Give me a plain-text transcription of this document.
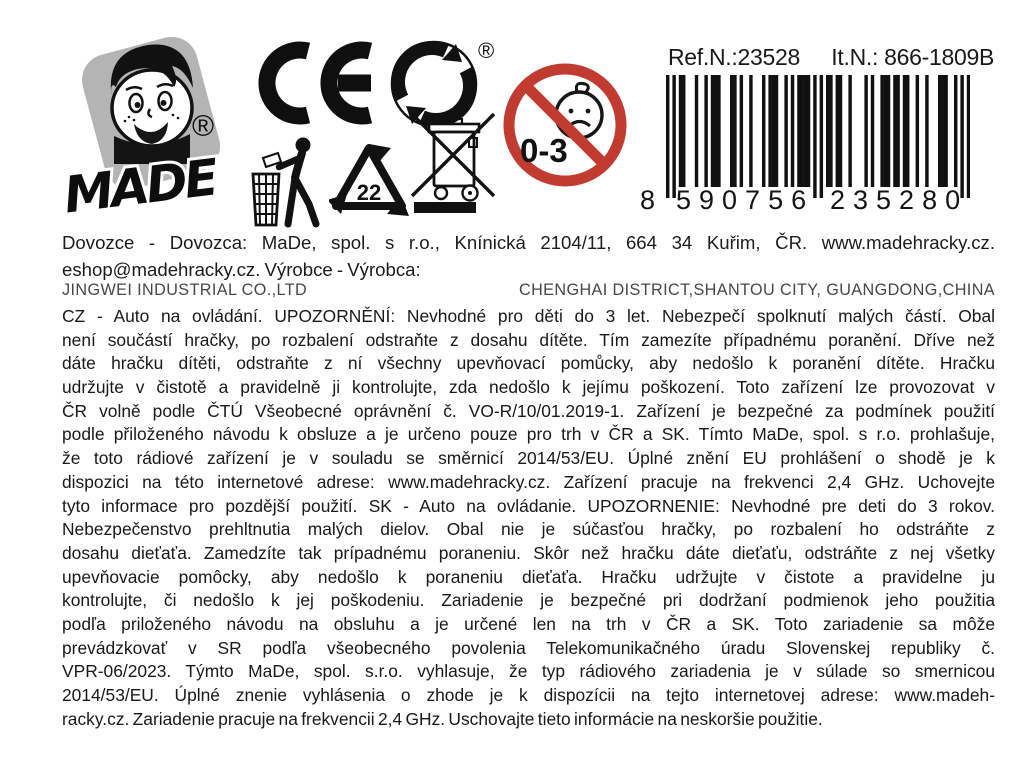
MADE
®
®
22
0-3
Ref.N.:23528 It.N.: 866-1809B
8 590756 235280
Dovozce - Dovozca: MaDe, spol. s r.o., Knínická 2104/11, 664 34 Kuřim, ČR. www.madehracky.cz.
eshop@madehracky.cz. Výrobce - Výrobca:
JINGWEI INDUSTRIAL CO.,LTD	CHENGHAI DISTRICT,SHANTOU CITY, GUANGDONG,CHINA
CZ - Auto na ovládání. UPOZORNĚNÍ: Nevhodné pro děti do 3 let. Nebezpečí spolknutí malých částí. Obal
není součástí hračky, po rozbalení odstraňte z dosahu dítěte. Tím zamezíte případnému poranění. Dříve než
dáte hračku dítěti, odstraňte z ní všechny upevňovací pomůcky, aby nedošlo k poranění dítěte. Hračku
udržujte v čistotě a pravidelně ji kontrolujte, zda nedošlo k jejímu poškození. Toto zařízení lze provozovat v
ČR volně podle ČTÚ Všeobecné oprávnění č. VO-R/10/01.2019-1. Zařízení je bezpečné za podmínek použití
podle přiloženého návodu k obsluze a je určeno pouze pro trh v ČR a SK. Tímto MaDe, spol. s r.o. prohlašuje,
že toto rádiové zařízení je v souladu se směrnicí 2014/53/EU. Úplné znění EU prohlášení o shodě je k
dispozici na této internetové adrese: www.madehracky.cz. Zařízení pracuje na frekvenci 2,4 GHz. Uchovejte
tyto informace pro pozdější použití. SK - Auto na ovládanie. UPOZORNENIE: Nevhodné pre deti do 3 rokov.
Nebezpečenstvo prehltnutia malých dielov. Obal nie je súčasťou hračky, po rozbalení ho odstráňte z
dosahu dieťaťa. Zamedzíte tak prípadnému poraneniu. Skôr než hračku dáte dieťaťu, odstráňte z nej všetky
upevňovacie pomôcky, aby nedošlo k poraneniu dieťaťa. Hračku udržujte v čistote a pravidelne ju
kontrolujte, či nedošlo k jej poškodeniu. Zariadenie je bezpečné pri dodržaní podmienok jeho použitia
podľa priloženého návodu na obsluhu a je určené len na trh v ČR a SK. Toto zariadenie sa môže
prevádzkovať v SR podľa všeobecného povolenia Telekomunikačného úradu Slovenskej republiky č.
VPR-06/2023. Týmto MaDe, spol. s.r.o. vyhlasuje, že typ rádiového zariadenia je v súlade so smernicou
2014/53/EU. Úplné znenie vyhlásenia o zhode je k dispozícii na tejto internetovej adrese: www.madeh-
racky.cz. Zariadenie pracuje na frekvencii 2,4 GHz. Uschovajte tieto informácie na neskoršie použitie.
